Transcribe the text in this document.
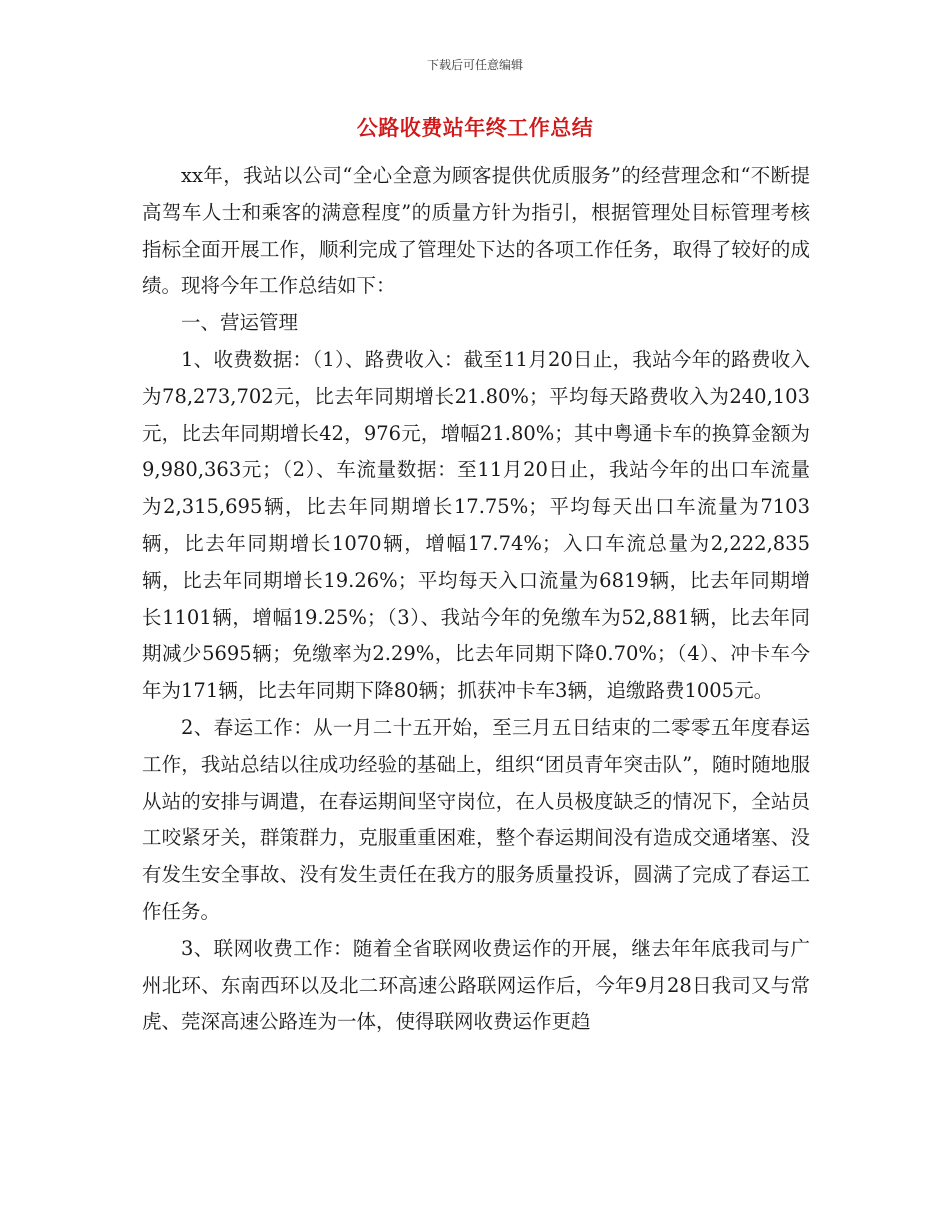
下载后可任意编辑
公路收费站年终工作总结

xx年，我站以公司“全心全意为顾客提供优质服务”的经营理念和“不断提高驾车人士和乘客的满意程度”的质量方针为指引，根据管理处目标管理考核指标全面开展工作，顺利完成了管理处下达的各项工作任务，取得了较好的成绩。现将今年工作总结如下：

一、营运管理

1、收费数据：（1）、路费收入：截至11月20日止，我站今年的路费收入为78,273,702元，比去年同期增长21.80%；平均每天路费收入为240,103元，比去年同期增长42，976元，增幅21.80%；其中粤通卡车的换算金额为9,980,363元；（2）、车流量数据：至11月20日止，我站今年的出口车流量为2,315,695辆，比去年同期增长17.75%；平均每天出口车流量为7103辆，比去年同期增长1070辆，增幅17.74%；入口车流总量为2,222,835辆，比去年同期增长19.26%；平均每天入口流量为6819辆，比去年同期增长1101辆，增幅19.25%；（3）、我站今年的免缴车为52,881辆，比去年同期减少5695辆；免缴率为2.29%，比去年同期下降0.70%；（4）、冲卡车今年为171辆，比去年同期下降80辆；抓获冲卡车3辆，追缴路费1005元。

2、春运工作：从一月二十五开始，至三月五日结束的二零零五年度春运工作，我站总结以往成功经验的基础上，组织“团员青年突击队”，随时随地服从站的安排与调遣，在春运期间坚守岗位，在人员极度缺乏的情况下，全站员工咬紧牙关，群策群力，克服重重困难，整个春运期间没有造成交通堵塞、没有发生安全事故、没有发生责任在我方的服务质量投诉，圆满了完成了春运工作任务。

3、联网收费工作：随着全省联网收费运作的开展，继去年年底我司与广州北环、东南西环以及北二环高速公路联网运作后，今年9月28日我司又与常虎、莞深高速公路连为一体，使得联网收费运作更趋
